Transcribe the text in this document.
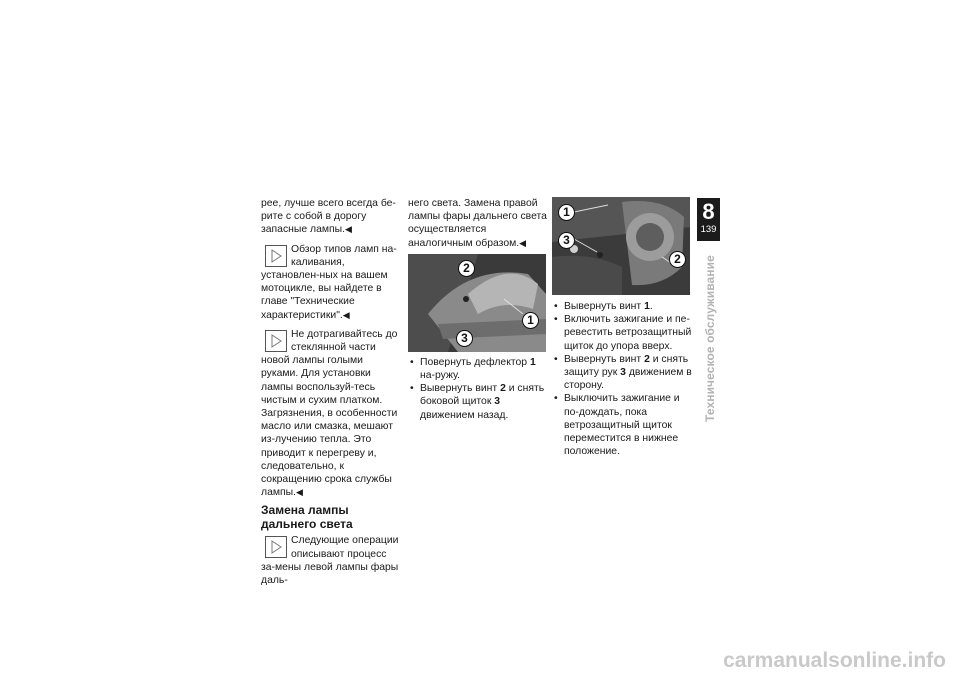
рее, лучше всего всегда бе-рите с собой в дорогу запасные лампы.◀

Обзор типов ламп на-каливания, установлен-ных на вашем мотоцикле, вы найдете в главе "Технические характеристики".◀

Не дотрагивайтесь до стеклянной части новой лампы голыми руками. Для установки лампы воспользуй-тесь чистым и сухим платком. Загрязнения, в особенности масло или смазка, мешают из-лучению тепла. Это приводит к перегреву и, следовательно, к сокращению срока службы лампы.◀

Замена лампы дальнего света

Следующие операции описывают процесс за-мены левой лампы фары даль-

него света. Замена правой лампы фары дальнего света осуществляется аналогичным образом.◀

2
1
3
• Повернуть дефлектор 1 на-ружу.
• Вывернуть винт 2 и снять боковой щиток 3 движением назад.
1
3
2
• Вывернуть винт 1.
• Включить зажигание и пе-ревестить ветрозащитный щиток до упора вверх.
• Вывернуть винт 2 и снять защиту рук 3 движением в сторону.
• Выключить зажигание и по-дождать, пока ветрозащитный щиток переместится в нижнее положение.
8
139
Техническое обслуживание
carmanualsonline.info
